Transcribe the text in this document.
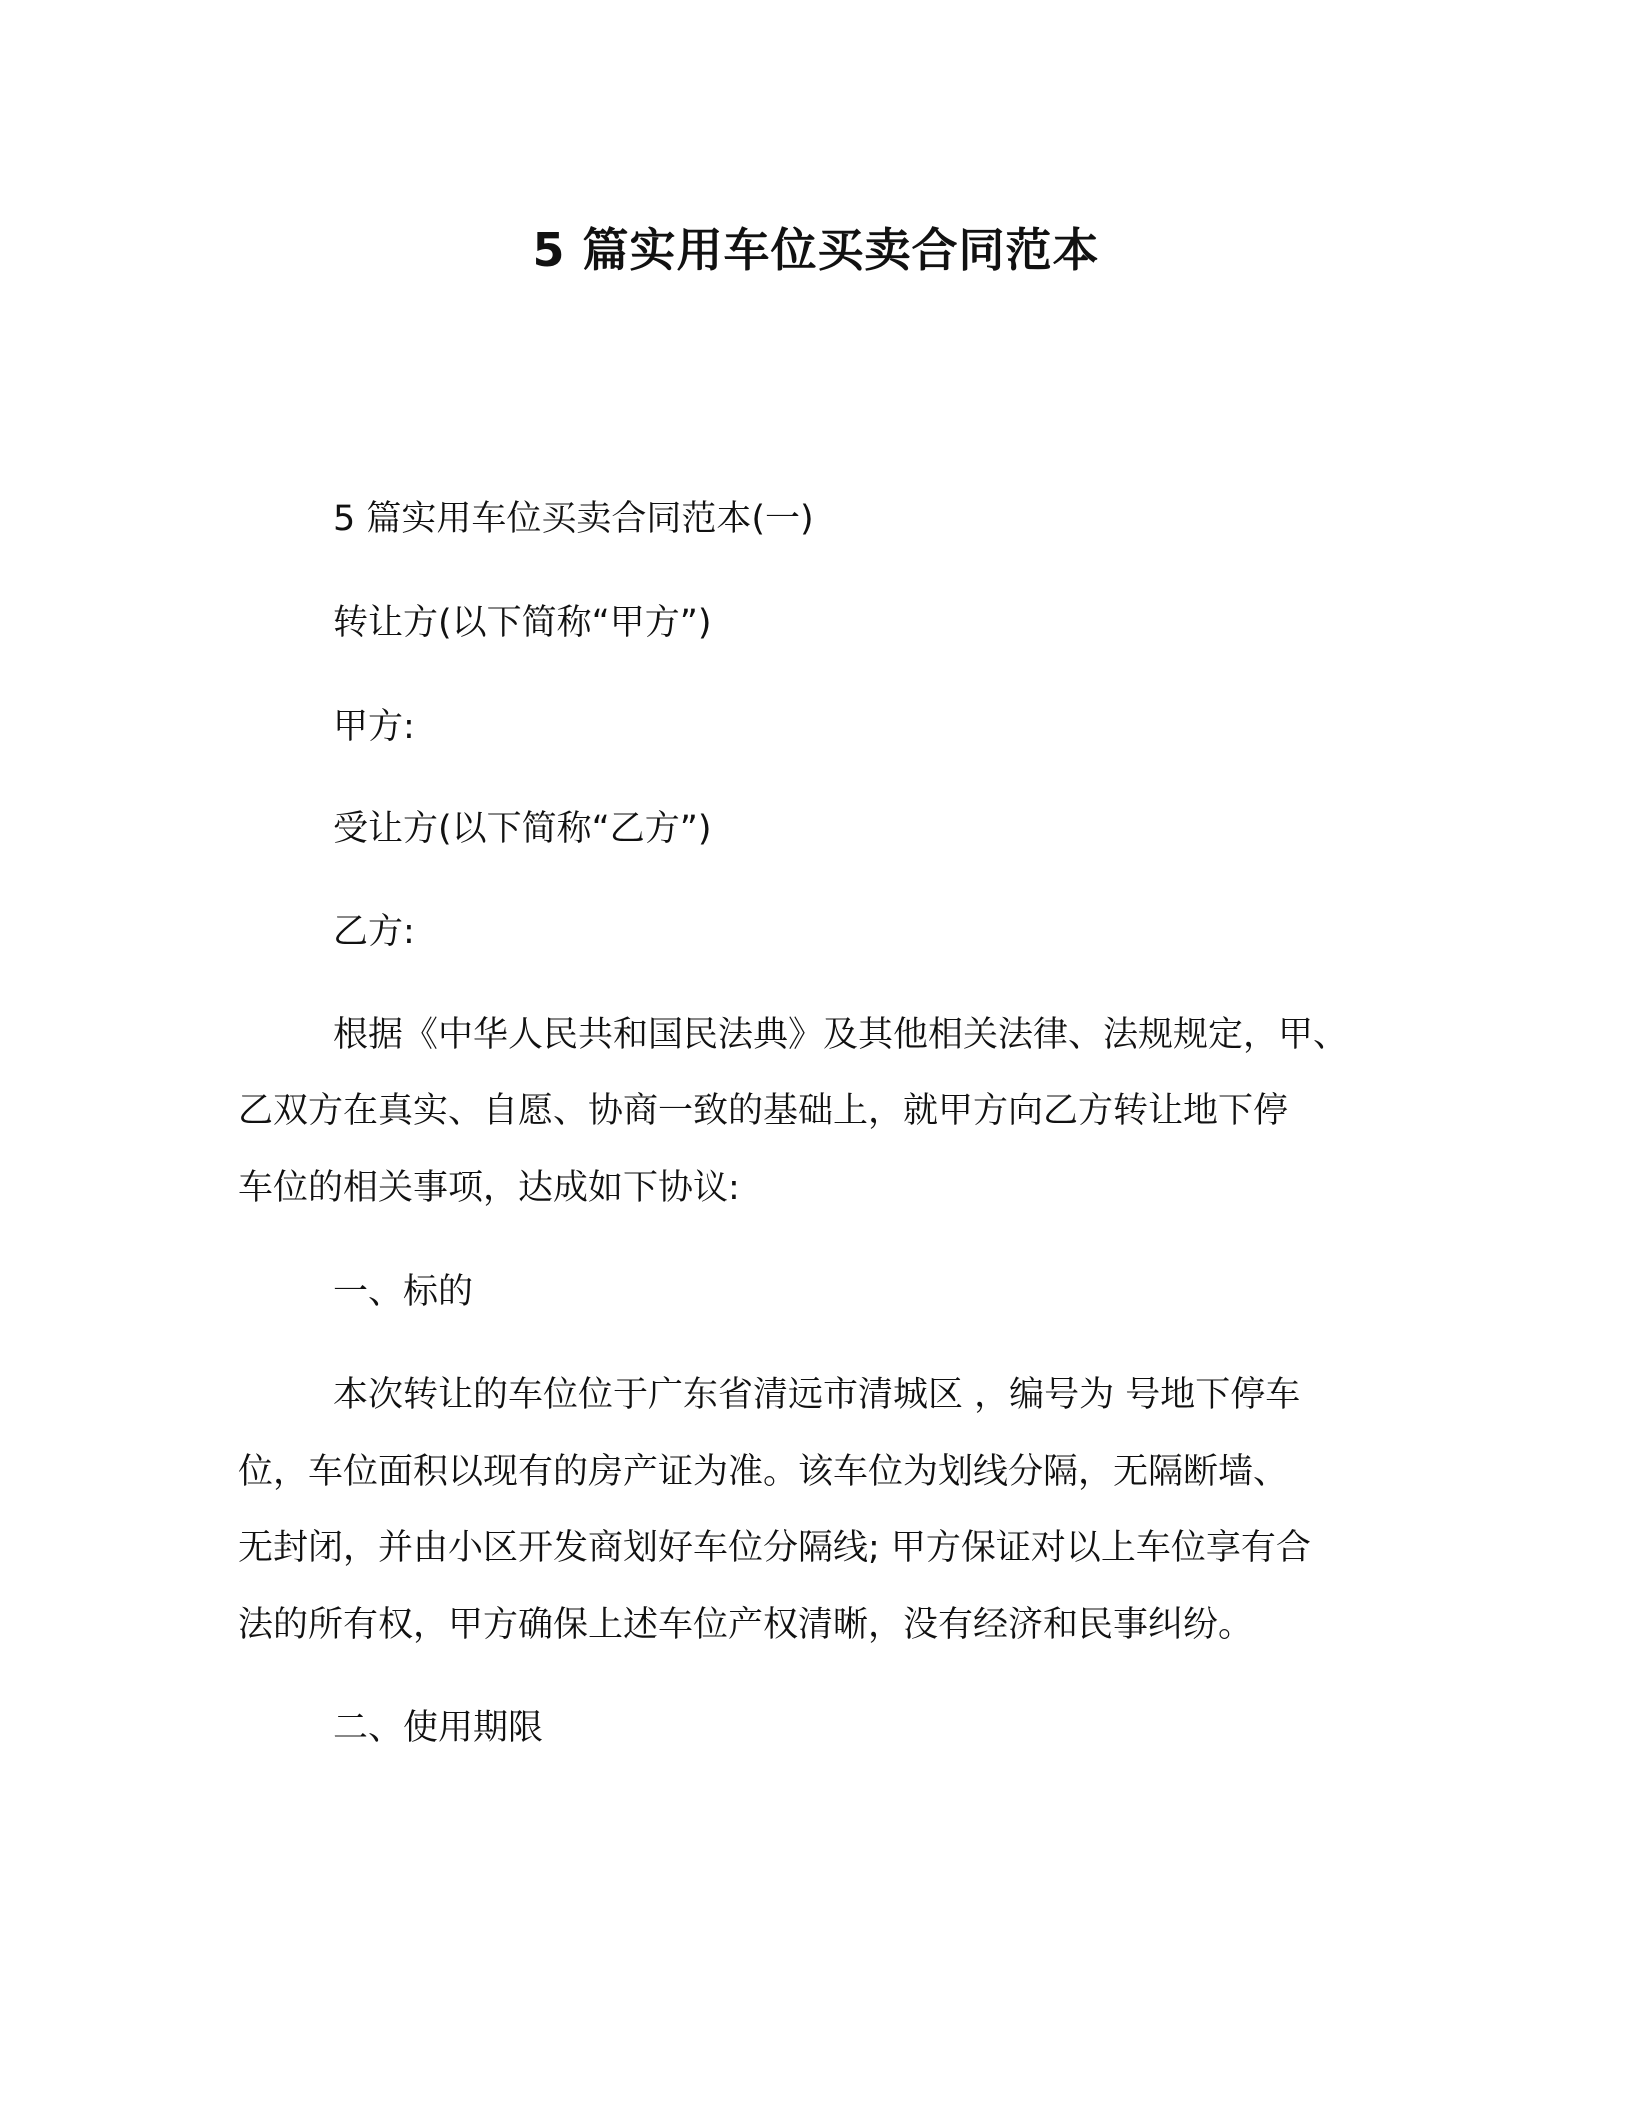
5 篇实用车位买卖合同范本

5 篇实用车位买卖合同范本(一)

转让方(以下简称“甲方”)

甲方:

受让方(以下简称“乙方”)

乙方:

根据《中华人民共和国民法典》及其他相关法律、法规规定，甲、

乙双方在真实、自愿、协商一致的基础上，就甲方向乙方转让地下停

车位的相关事项，达成如下协议:

一、标的

本次转让的车位位于广东省清远市清城区 ，编号为 号地下停车

位，车位面积以现有的房产证为准。该车位为划线分隔，无隔断墙、

无封闭，并由小区开发商划好车位分隔线; 甲方保证对以上车位享有合

法的所有权，甲方确保上述车位产权清晰，没有经济和民事纠纷。

二、使用期限
